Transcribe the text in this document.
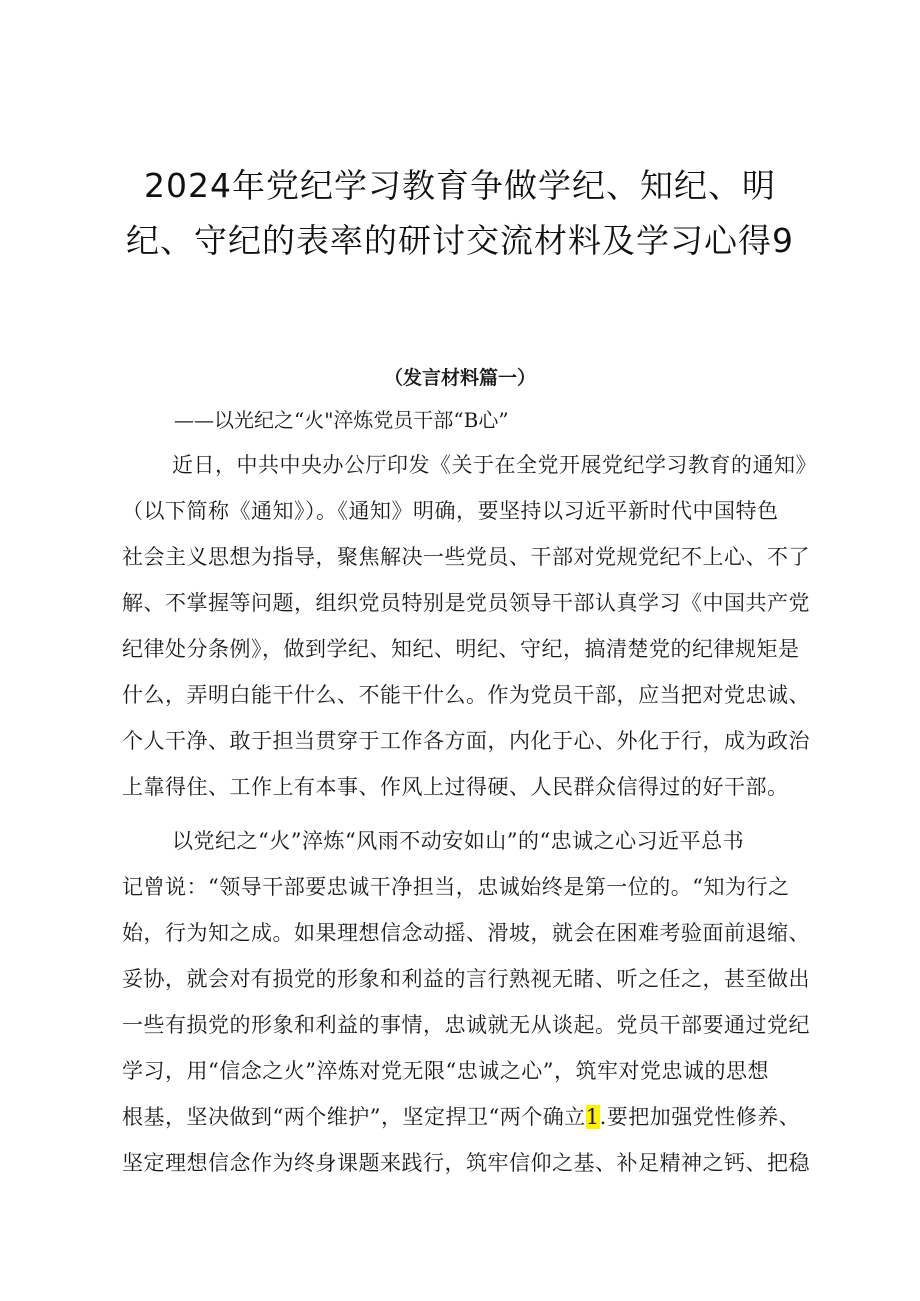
2024年党纪学习教育争做学纪、知纪、明
纪、守纪的表率的研讨交流材料及学习心得9
（发言材料篇一）
——以光纪之“火"淬炼党员干部“B心”
近日，中共中央办公厅印发《关于在全党开展党纪学习教育的通知》
（以下简称《通知》）。《通知》明确，要坚持以习近平新时代中国特色
社会主义思想为指导，聚焦解决一些党员、干部对党规党纪不上心、不了
解、不掌握等问题，组织党员特别是党员领导干部认真学习《中国共产党
纪律处分条例》，做到学纪、知纪、明纪、守纪，搞清楚党的纪律规矩是
什么，弄明白能干什么、不能干什么。作为党员干部，应当把对党忠诚、
个人干净、敢于担当贯穿于工作各方面，内化于心、外化于行，成为政治
上靠得住、工作上有本事、作风上过得硬、人民群众信得过的好干部。
以党纪之“火”淬炼“风雨不动安如山”的“忠诚之心习近平总书
记曾说：“领导干部要忠诚干净担当，忠诚始终是第一位的。“知为行之
始，行为知之成。如果理想信念动摇、滑坡，就会在困难考验面前退缩、
妥协，就会对有损党的形象和利益的言行熟视无睹、听之任之，甚至做出
一些有损党的形象和利益的事情，忠诚就无从谈起。党员干部要通过党纪
学习，用“信念之火”淬炼对党无限“忠诚之心”，筑牢对党忠诚的思想
根基，坚决做到“两个维护”，坚定捍卫“两个确立1.要把加强党性修养、
坚定理想信念作为终身课题来践行，筑牢信仰之基、补足精神之钙、把稳
